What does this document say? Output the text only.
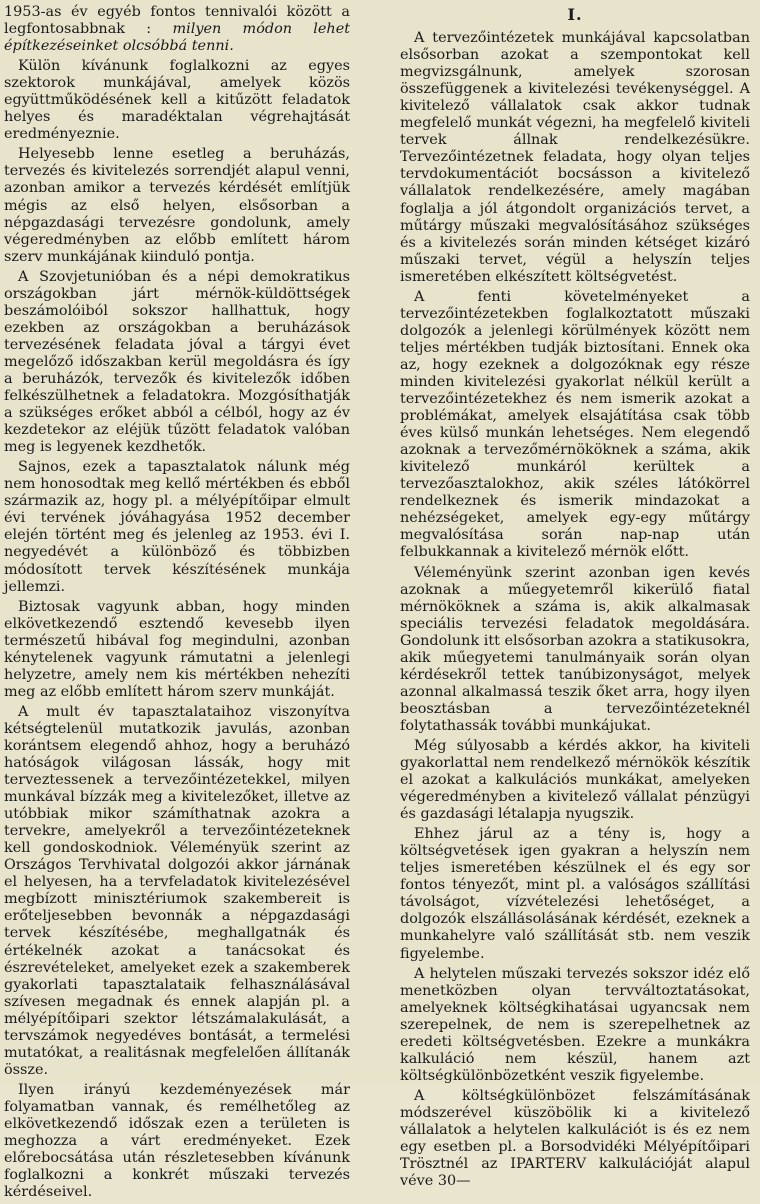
1953-as év egyéb fontos tennivalói között a legfontosabbnak : milyen módon lehet építkezéseinket olcsóbbá tenni.

Külön kívánunk foglalkozni az egyes szektorok munkájával, amelyek közös együttműködésének kell a kitűzött feladatok helyes és maradéktalan végrehajtását eredményeznie.

Helyesebb lenne esetleg a beruházás, tervezés és kivitelezés sorrendjét alapul venni, azonban amikor a tervezés kérdését említjük mégis az első helyen, elsősorban a népgazdasági tervezésre gondolunk, amely végeredményben az előbb említett három szerv munkájának kiinduló pontja.

A Szovjetunióban és a népi demokratikus országokban járt mérnök-küldöttségek beszámolóiból sokszor hallhattuk, hogy ezekben az országokban a beruházások tervezésének feladata jóval a tárgyi évet megelőző időszakban kerül megoldásra és így a beruházók, tervezők és kivitelezők időben felkészülhetnek a feladatokra. Mozgósíthatják a szükséges erőket abból a célból, hogy az év kezdetekor az eléjük tűzött feladatok valóban meg is legyenek kezdhetők.

Sajnos, ezek a tapasztalatok nálunk még nem honosodtak meg kellő mértékben és ebből származik az, hogy pl. a mélyépítőipar elmult évi tervének jóváhagyása 1952 december elején történt meg és jelenleg az 1953. évi I. negyedévét a különböző és többizben módosított tervek készítésének munkája jellemzi.

Biztosak vagyunk abban, hogy minden elkövetkezendő esztendő kevesebb ilyen természetű hibával fog megindulni, azonban kénytelenek vagyunk rámutatni a jelenlegi helyzetre, amely nem kis mértékben nehezíti meg az előbb említett három szerv munkáját.

A mult év tapasztalataihoz viszonyítva kétségtelenül mutatkozik javulás, azonban korántsem elegendő ahhoz, hogy a beruházó hatóságok világosan lássák, hogy mit terveztessenek a tervezőintézetekkel, milyen munkával bízzák meg a kivitelezőket, illetve az utóbbiak mikor számíthatnak azokra a tervekre, amelyekről a tervezőintézeteknek kell gondoskodniok. Véleményük szerint az Országos Tervhivatal dolgozói akkor járnának el helyesen, ha a tervfeladatok kivitelezésével megbízott minisztériumok szakembereit is erőteljesebben bevonnák a népgazdasági tervek készítésébe, meghallgatnák és értékelnék azokat a tanácsokat és észrevételeket, amelyeket ezek a szakemberek gyakorlati tapasztalataik felhasználásával szívesen megadnak és ennek alapján pl. a mélyépítőipari szektor létszámalakulását, a tervszámok negyedéves bontását, a termelési mutatókat, a realitásnak megfelelően állítanák össze.

Ilyen irányú kezdeményezések már folyamatban vannak, és remélhetőleg az elkövetkezendő időszak ezen a területen is meghozza a várt eredményeket. Ezek előrebocsátása után részletesebben kívánunk foglalkozni a konkrét műszaki tervezés kérdéseivel.

I.

A tervezőintézetek munkájával kapcsolatban elsősorban azokat a szempontokat kell megvizsgálnunk, amelyek szorosan összefüggenek a kivitelezési tevékenységgel. A kivitelező vállalatok csak akkor tudnak megfelelő munkát végezni, ha megfelelő kiviteli tervek állnak rendelkezésükre. Tervezőintézetnek feladata, hogy olyan teljes tervdokumentációt bocsásson a kivitelező vállalatok rendelkezésére, amely magában foglalja a jól átgondolt organizációs tervet, a műtárgy műszaki megvalósításához szükséges és a kivitelezés során minden kétséget kizáró műszaki tervet, végül a helyszín teljes ismeretében elkészített költségvetést.

A fenti követelményeket a tervezőintézetekben foglalkoztatott műszaki dolgozók a jelenlegi körülmények között nem teljes mértékben tudják biztosítani. Ennek oka az, hogy ezeknek a dolgozóknak egy része minden kivitelezési gyakorlat nélkül került a tervezőintézetekhez és nem ismerik azokat a problémákat, amelyek elsajátítása csak több éves külső munkán lehetséges. Nem elegendő azoknak a tervezőmérnököknek a száma, akik kivitelező munkáról kerültek a tervezőasztalokhoz, akik széles látókörrel rendelkeznek és ismerik mindazokat a nehézségeket, amelyek egy-egy műtárgy megvalósítása során nap-nap után felbukkannak a kivitelező mérnök előtt.

Véleményünk szerint azonban igen kevés azoknak a műegyetemről kikerülő fiatal mérnököknek a száma is, akik alkalmasak speciális tervezési feladatok megoldására. Gondolunk itt elsősorban azokra a statikusokra, akik műegyetemi tanulmányaik során olyan kérdésekről tettek tanúbizonyságot, melyek azonnal alkalmassá teszik őket arra, hogy ilyen beosztásban a tervezőintézeteknél folytathassák további munkájukat.

Még súlyosabb a kérdés akkor, ha kiviteli gyakorlattal nem rendelkező mérnökök készítik el azokat a kalkulációs munkákat, amelyeken végeredményben a kivitelező vállalat pénzügyi és gazdasági létalapja nyugszik.

Ehhez járul az a tény is, hogy a költségvetések igen gyakran a helyszín nem teljes ismeretében készülnek el és egy sor fontos tényezőt, mint pl. a valóságos szállítási távolságot, vízvételezési lehetőséget, a dolgozók elszállásolásának kérdését, ezeknek a munkahelyre való szállítását stb. nem veszik figyelembe.

A helytelen műszaki tervezés sokszor idéz elő menetközben olyan tervváltoztatásokat, amelyeknek költségkihatásai ugyancsak nem szerepelnek, de nem is szerepelhetnek az eredeti költségvetésben. Ezekre a munkákra kalkuláció nem készül, hanem azt költségkülönbözetként veszik figyelembe.

A költségkülönbözet felszámításának módszerével küszöbölik ki a kivitelező vállalatok a helytelen kalkulációt is és ez nem egy esetben pl. a Borsodvidéki Mélyépítőipari Trösztnél az IPARTERV kalkulációját alapul véve 30—
